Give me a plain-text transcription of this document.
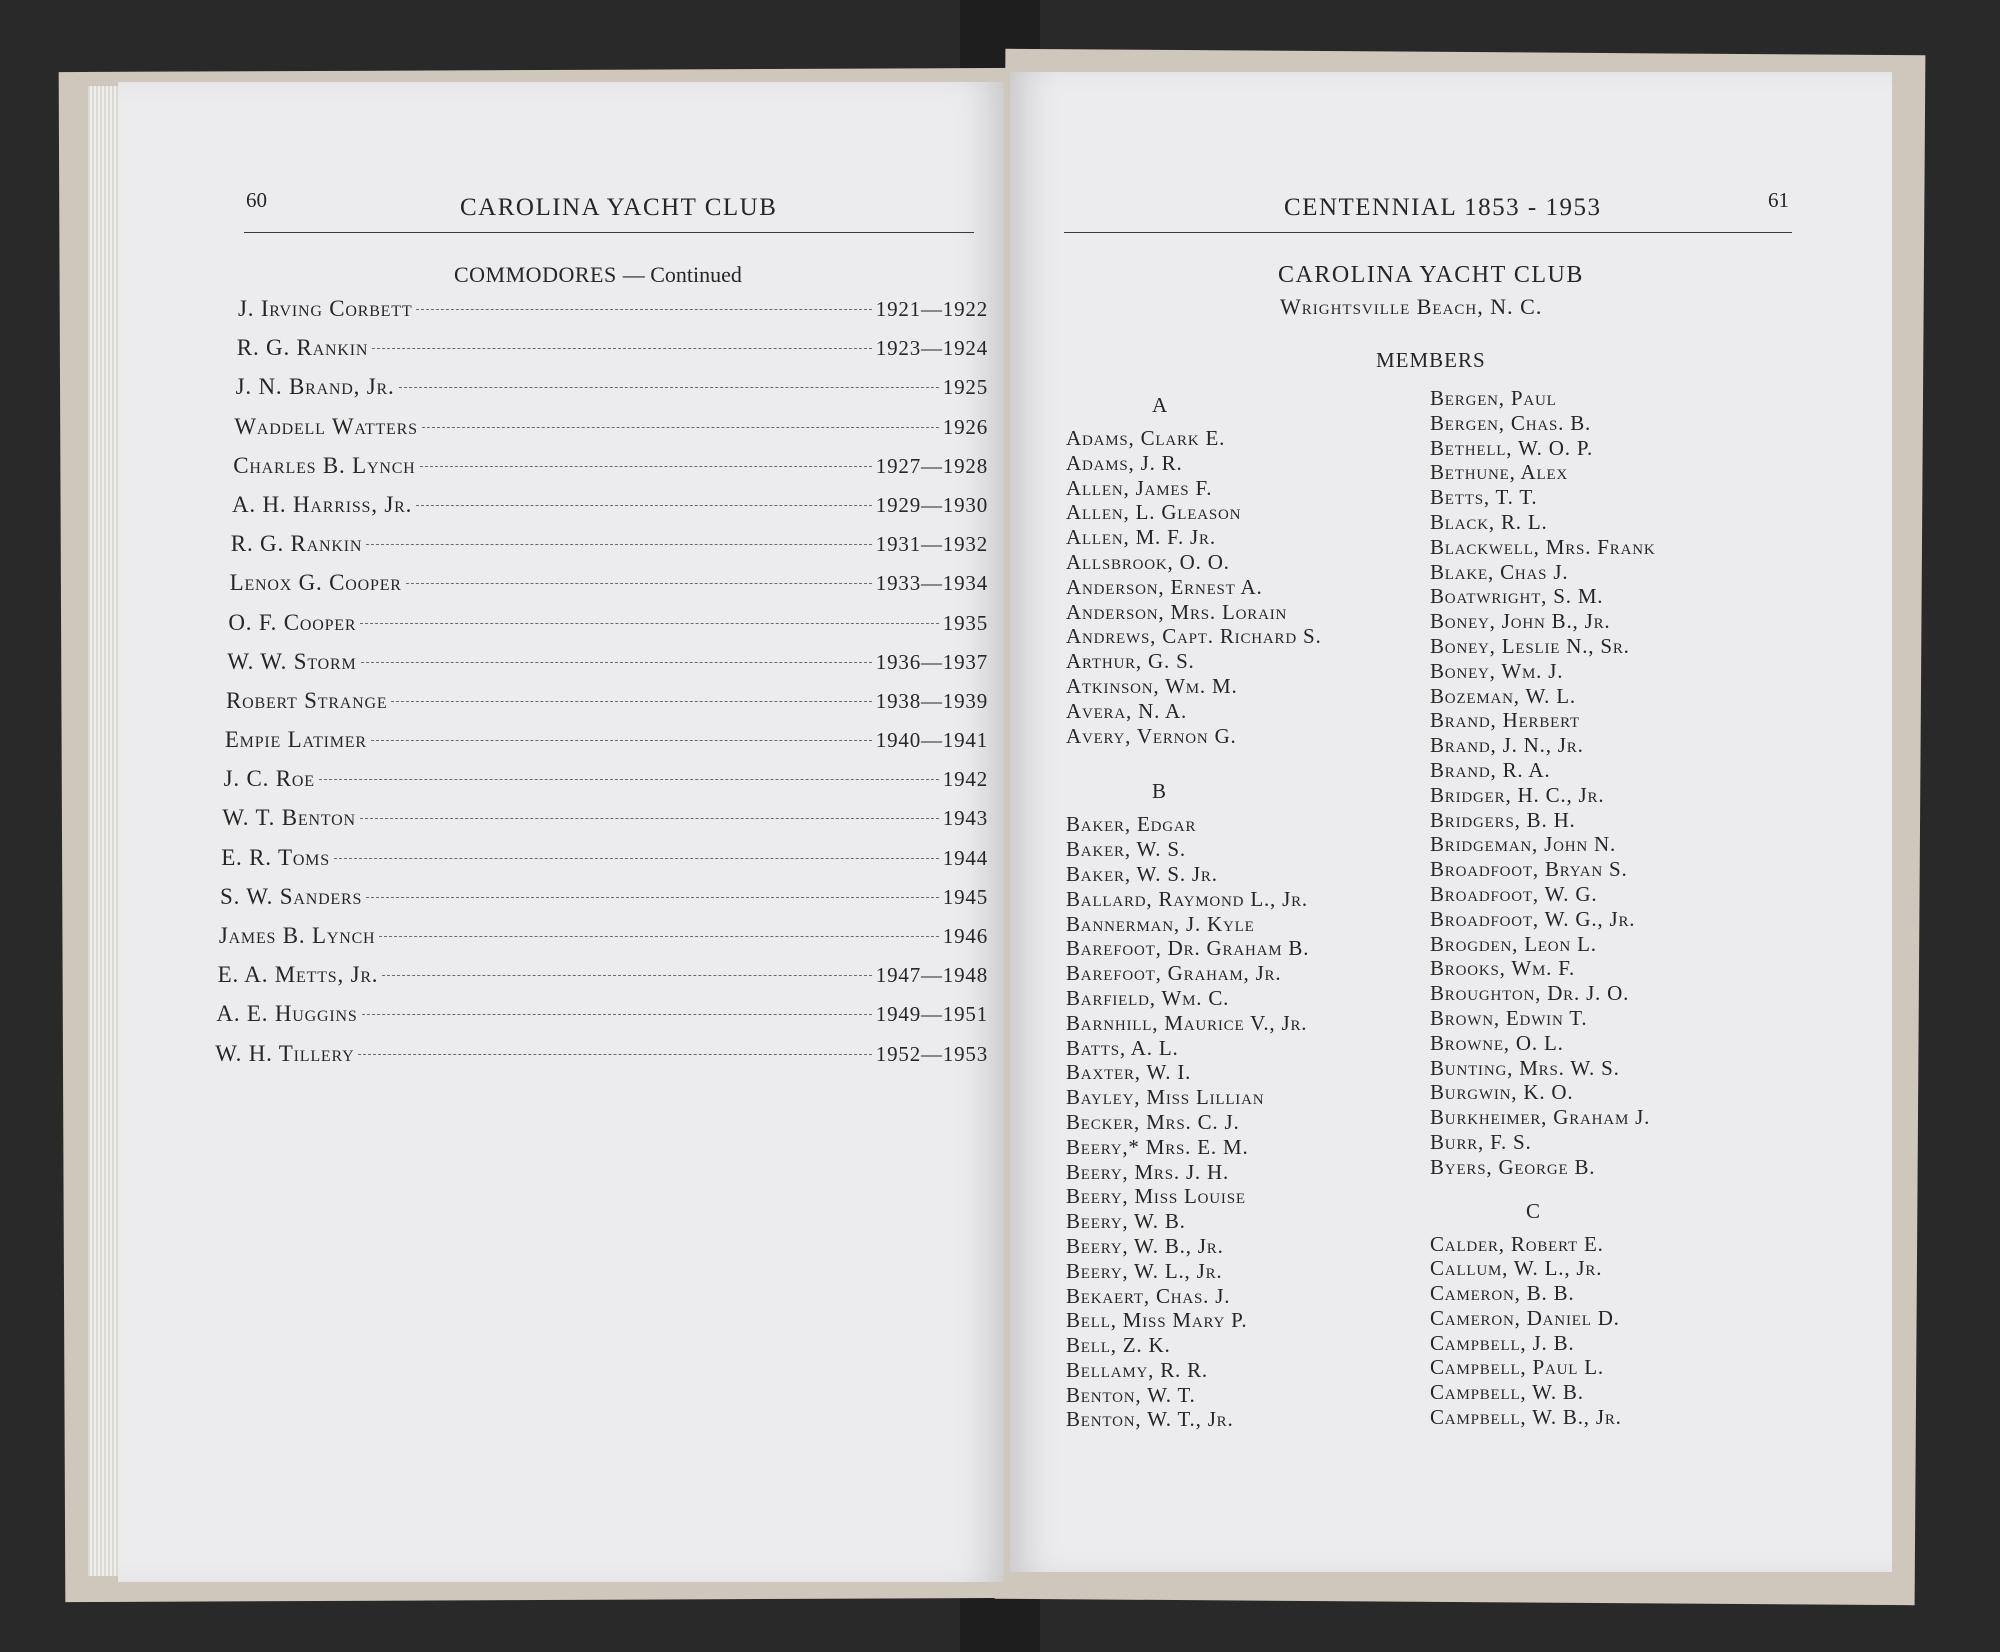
60	CAROLINA YACHT CLUB
COMMODORES — Continued
J. Irving Corbett	1921—1922
R. G. Rankin	1923—1924
J. N. Brand, Jr.	1925
Waddell Watters	1926
Charles B. Lynch	1927—1928
A. H. Harriss, Jr.	1929—1930
R. G. Rankin	1931—1932
Lenox G. Cooper	1933—1934
O. F. Cooper	1935
W. W. Storm	1936—1937
Robert Strange	1938—1939
Empie Latimer	1940—1941
J. C. Roe	1942
W. T. Benton	1943
E. R. Toms	1944
S. W. Sanders	1945
James B. Lynch	1946
E. A. Metts, Jr.	1947—1948
A. E. Huggins	1949—1951
W. H. Tillery	1952—1953
CENTENNIAL 1853 - 1953	61
CAROLINA YACHT CLUB
Wrightsville Beach, N. C.
MEMBERS
A
Adams, Clark E.
Adams, J. R.
Allen, James F.
Allen, L. Gleason
Allen, M. F. Jr.
Allsbrook, O. O.
Anderson, Ernest A.
Anderson, Mrs. Lorain
Andrews, Capt. Richard S.
Arthur, G. S.
Atkinson, Wm. M.
Avera, N. A.
Avery, Vernon G.
B
Baker, Edgar
Baker, W. S.
Baker, W. S. Jr.
Ballard, Raymond L., Jr.
Bannerman, J. Kyle
Barefoot, Dr. Graham B.
Barefoot, Graham, Jr.
Barfield, Wm. C.
Barnhill, Maurice V., Jr.
Batts, A. L.
Baxter, W. I.
Bayley, Miss Lillian
Becker, Mrs. C. J.
Beery,* Mrs. E. M.
Beery, Mrs. J. H.
Beery, Miss Louise
Beery, W. B.
Beery, W. B., Jr.
Beery, W. L., Jr.
Bekaert, Chas. J.
Bell, Miss Mary P.
Bell, Z. K.
Bellamy, R. R.
Benton, W. T.
Benton, W. T., Jr.
Bergen, Paul
Bergen, Chas. B.
Bethell, W. O. P.
Bethune, Alex
Betts, T. T.
Black, R. L.
Blackwell, Mrs. Frank
Blake, Chas J.
Boatwright, S. M.
Boney, John B., Jr.
Boney, Leslie N., Sr.
Boney, Wm. J.
Bozeman, W. L.
Brand, Herbert
Brand, J. N., Jr.
Brand, R. A.
Bridger, H. C., Jr.
Bridgers, B. H.
Bridgeman, John N.
Broadfoot, Bryan S.
Broadfoot, W. G.
Broadfoot, W. G., Jr.
Brogden, Leon L.
Brooks, Wm. F.
Broughton, Dr. J. O.
Brown, Edwin T.
Browne, O. L.
Bunting, Mrs. W. S.
Burgwin, K. O.
Burkheimer, Graham J.
Burr, F. S.
Byers, George B.
C
Calder, Robert E.
Callum, W. L., Jr.
Cameron, B. B.
Cameron, Daniel D.
Campbell, J. B.
Campbell, Paul L.
Campbell, W. B.
Campbell, W. B., Jr.
